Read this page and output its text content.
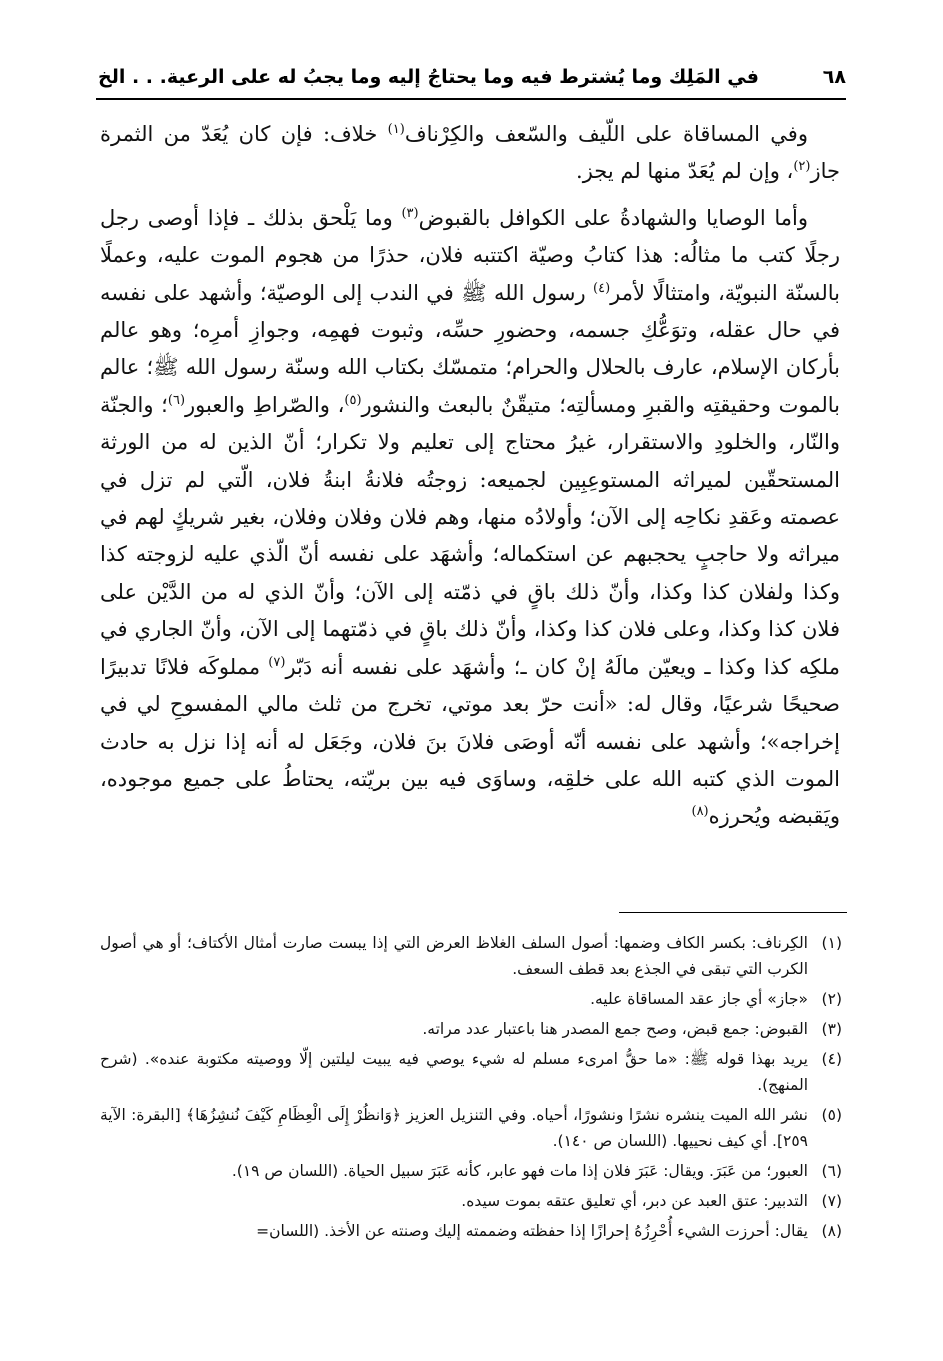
٦٨
في المَلِك وما يُشترط فيه وما يحتاجُ إليه وما يجبُ له على الرعية. . . الخ

وفي المساقاة على اللّيف والسّعف والكِرْناف$^{(١)}$ خلاف: فإن كان يُعَدّ من الثمرة جاز$^{(٢)}$، وإن لم يُعَدّ منها لم يجز.

وأما الوصايا والشهادةُ على الكوافل بالقبوض$^{(٣)}$ وما يَلْحق بذلك ـ فإذا أوصى رجل رجلًا كتب ما مثالُه: هذا كتابُ وصيّة اكتتبه فلان، حذرًا من هجوم الموت عليه، وعملًا بالسنّة النبويّة، وامتثالًا لأمر$^{(٤)}$ رسول الله ﷺ في الندب إلى الوصيّة؛ وأشهد على نفسه في حال عقله، وتوَعُّكِ جسمه، وحضورِ حسِّه، وثبوت فهمِه، وجوازِ أمرِه؛ وهو عالم بأركان الإسلام، عارف بالحلال والحرام؛ متمسّك بكتاب الله وسنّة رسول الله ﷺ؛ عالم بالموت وحقيقتِه والقبرِ ومسألتِه؛ متيقّنٌ بالبعث والنشور$^{(٥)}$، والصّراطِ والعبور$^{(٦)}$؛ والجنّة والنّار، والخلودِ والاستقرار، غيرُ محتاج إلى تعليم ولا تكرار؛ أنّ الذين له من الورثة المستحقّين لميراثه المستوعِبِين لجميعه: زوجتُه فلانةُ ابنةُ فلان، الّتي لم تزل في عصمته وعَقدِ نكاحِه إلى الآن؛ وأولادُه منها، وهم فلان وفلان وفلان، بغير شريكٍ لهم في ميراثه ولا حاجبٍ يحجبهم عن استكماله؛ وأشهَد على نفسه أنّ الّذي عليه لزوجته كذا وكذا ولفلان كذا وكذا، وأنّ ذلك باقٍ في ذمّته إلى الآن؛ وأنّ الذي له من الدَّيْن على فلان كذا وكذا، وعلى فلان كذا وكذا، وأنّ ذلك باقٍ في ذمّتهما إلى الآن، وأنّ الجاري في ملكِه كذا وكذا ـ ويعيّن مالَهُ إنْ كان ـ؛ وأشهَد على نفسه أنه دَبّر$^{(٧)}$ مملوكَه فلانًا تدبيرًا صحيحًا شرعيًا، وقال له: «أنت حرّ بعد موتي، تخرج من ثلث مالي المفسوحِ لي في إخراجه»؛ وأشهد على نفسه أنّه أوصَى فلانَ بنَ فلان، وجَعَل له أنه إذا نزل به حادث الموت الذي كتبه الله على خلقِه، وساوَى فيه بين بريّته، يحتاطُ على جميع موجوده، ويَقبضه ويُحرزه$^{(٨)}$

(١)
الكِرناف: بكسر الكاف وضمها: أصول السلف الغلاظ العرض التي إذا يبست صارت أمثال الأكتاف؛ أو هي أصول الكرب التي تبقى في الجذع بعد قطف السعف.
(٢)
«جاز» أي جاز عقد المساقاة عليه.
(٣)
القبوض: جمع قبض، وصح جمع المصدر هنا باعتبار عدد مراته.
(٤)
يريد بهذا قوله ﷺ: «ما حقُّ امرىء مسلم له شيء يوصي فيه يبيت ليلتين إلّا ووصيته مكتوبة عنده». (شرح المنهج).
(٥)
نشر الله الميت ينشره نشرًا ونشورًا، أحياه. وفي التنزيل العزيز ﴿وَانظُرْ إِلَى الْعِظَامِ كَيْفَ نُنشِزُهَا﴾ [البقرة: الآية ٢٥٩]. أي كيف نحييها. (اللسان ص ١٤٠).
(٦)
العبور؛ من عَبَرَ. ويقال: عَبَرَ فلان إذا مات فهو عابر، كأنه عَبَرَ سبيل الحياة. (اللسان ص ١٩).
(٧)
التدبير: عتق العبد عن دبر، أي تعليق عتقه بموت سيده.
(٨)
يقال: أحرزت الشيء أُحْرِزُهُ إحرازًا إذا حفظته وضممته إليك وصنته عن الأخذ. (اللسان=
